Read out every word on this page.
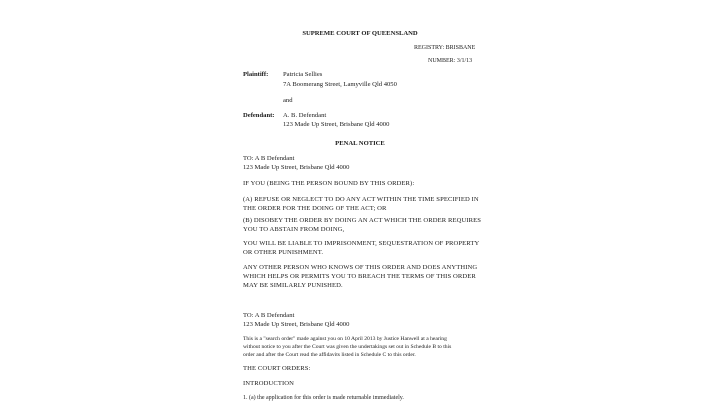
SUPREME COURT OF QUEENSLAND
REGISTRY: BRISBANE
NUMBER: 3/1/13
Plaintiff: Patricia Sellies
7A Boomerang Street, Lamyville Qld 4050
and
Defendant: A. B. Defendant
123 Made Up Street, Brisbane Qld 4000
PENAL NOTICE
TO: A B Defendant
123 Made Up Street, Brisbane Qld 4000
IF YOU (BEING THE PERSON BOUND BY THIS ORDER):
(A) REFUSE OR NEGLECT TO DO ANY ACT WITHIN THE TIME SPECIFIED IN
THE ORDER FOR THE DOING OF THE ACT; OR
(B) DISOBEY THE ORDER BY DOING AN ACT WHICH THE ORDER REQUIRES
YOU TO ABSTAIN FROM DOING,
YOU WILL BE LIABLE TO IMPRISONMENT, SEQUESTRATION OF PROPERTY
OR OTHER PUNISHMENT.
ANY OTHER PERSON WHO KNOWS OF THIS ORDER AND DOES ANYTHING
WHICH HELPS OR PERMITS YOU TO BREACH THE TERMS OF THIS ORDER
MAY BE SIMILARLY PUNISHED.
TO: A B Defendant
123 Made Up Street, Brisbane Qld 4000
This is a "search order" made against you on 10 April 2013 by Justice Hanwell at a hearing
without notice to you after the Court was given the undertakings set out in Schedule B to this
order and after the Court read the affidavits listed in Schedule C to this order.
THE COURT ORDERS:
INTRODUCTION
1. (a) the application for this order is made returnable immediately.
